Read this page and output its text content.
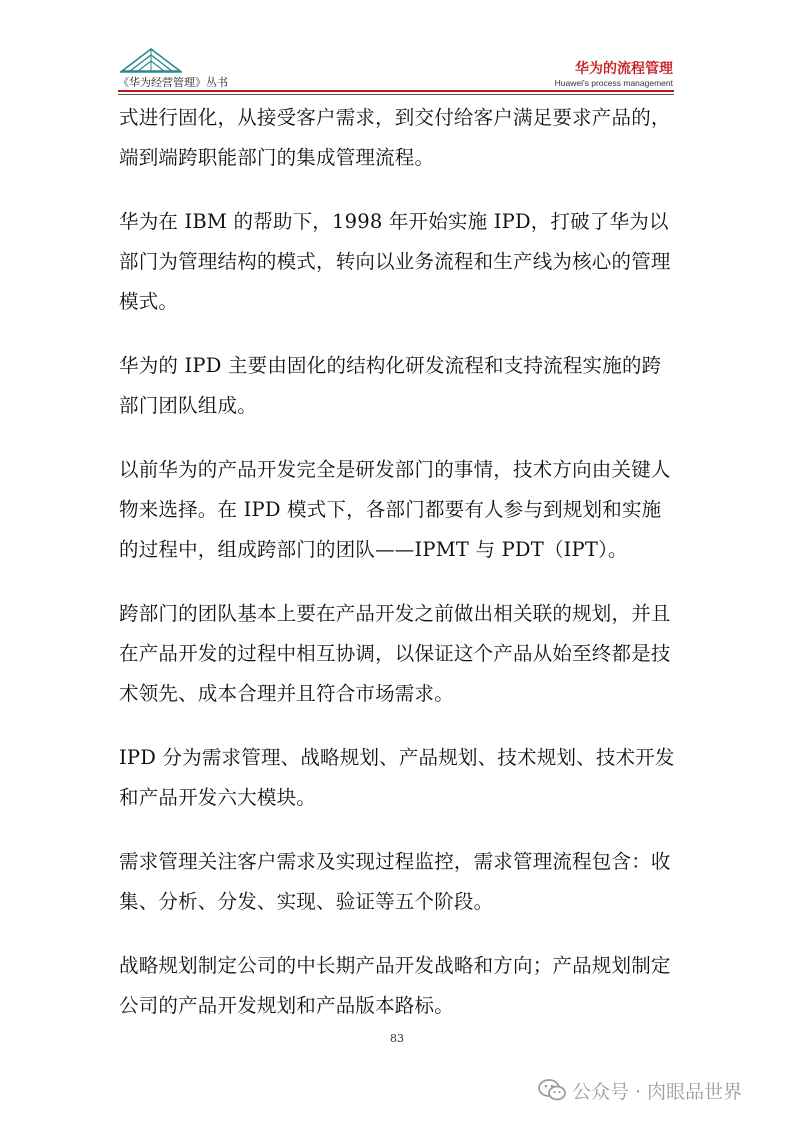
《华为经营管理》丛书
华为的流程管理
Huawei's process management

式进行固化，从接受客户需求，到交付给客户满足要求产品的，端到端跨职能部门的集成管理流程。

华为在 IBM 的帮助下，1998 年开始实施 IPD，打破了华为以部门为管理结构的模式，转向以业务流程和生产线为核心的管理模式。

华为的 IPD 主要由固化的结构化研发流程和支持流程实施的跨部门团队组成。

以前华为的产品开发完全是研发部门的事情，技术方向由关键人物来选择。在 IPD 模式下，各部门都要有人参与到规划和实施的过程中，组成跨部门的团队——IPMT 与 PDT（IPT）。

跨部门的团队基本上要在产品开发之前做出相关联的规划，并且在产品开发的过程中相互协调，以保证这个产品从始至终都是技术领先、成本合理并且符合市场需求。

IPD 分为需求管理、战略规划、产品规划、技术规划、技术开发和产品开发六大模块。

需求管理关注客户需求及实现过程监控，需求管理流程包含：收集、分析、分发、实现、验证等五个阶段。

战略规划制定公司的中长期产品开发战略和方向；产品规划制定公司的产品开发规划和产品版本路标。

83
公众号 · 肉眼品世界
